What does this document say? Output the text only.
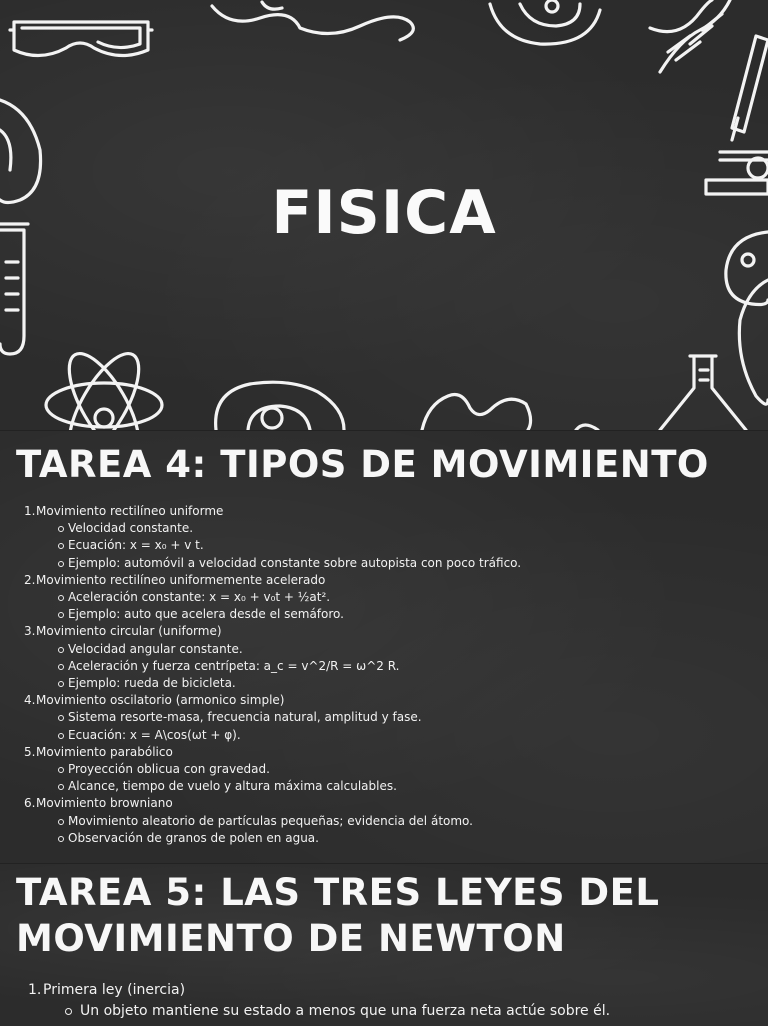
FISICA
TAREA 4: TIPOS DE MOVIMIENTO
1. Movimiento rectilíneo uniforme
Velocidad constante.
Ecuación: x = x₀ + v t.
Ejemplo: automóvil a velocidad constante sobre autopista con poco tráfico.
2. Movimiento rectilíneo uniformemente acelerado
Aceleración constante: x = x₀ + v₀t + ½at².
Ejemplo: auto que acelera desde el semáforo.
3. Movimiento circular (uniforme)
Velocidad angular constante.
Aceleración y fuerza centrípeta: a_c = v^2/R = ω^2 R.
Ejemplo: rueda de bicicleta.
4. Movimiento oscilatorio (armonico simple)
Sistema resorte-masa, frecuencia natural, amplitud y fase.
Ecuación: x = A\cos(ωt + φ).
5. Movimiento parabólico
Proyección oblicua con gravedad.
Alcance, tiempo de vuelo y altura máxima calculables.
6. Movimiento browniano
Movimiento aleatorio de partículas pequeñas; evidencia del átomo.
Observación de granos de polen en agua.
TAREA 5: LAS TRES LEYES DEL
MOVIMIENTO DE NEWTON
1. Primera ley (inercia)
Un objeto mantiene su estado a menos que una fuerza neta actúe sobre él.
